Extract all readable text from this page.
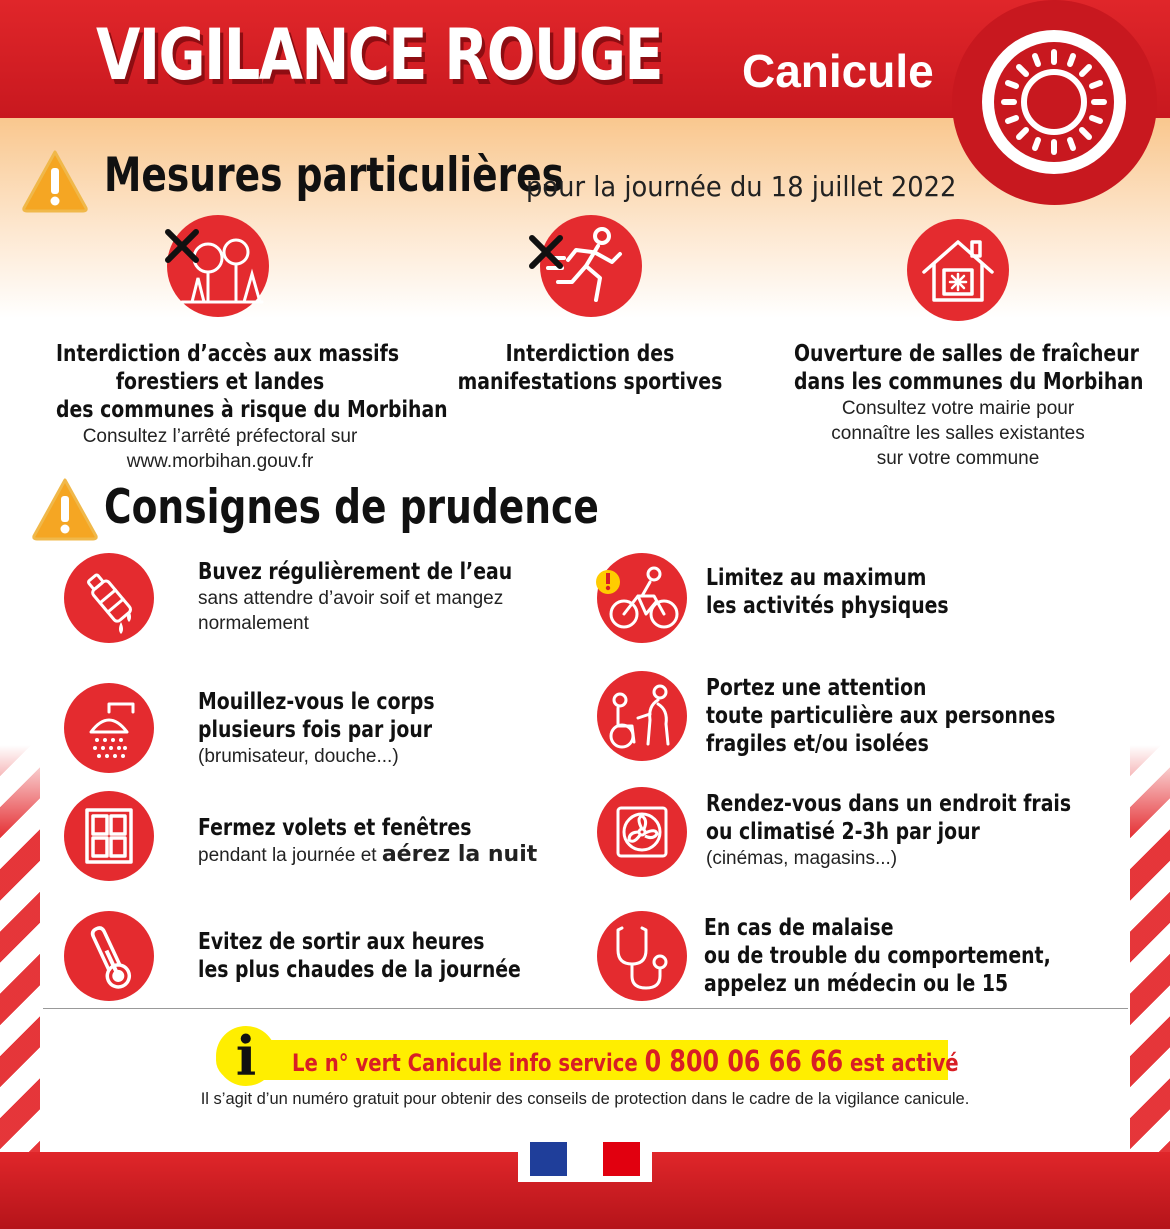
VIGILANCE ROUGE Canicule
Mesures particulières
pour la journée du 18 juillet 2022
Interdiction d’accès aux massifs
forestiers et landes
des communes à risque du Morbihan
Consultez l’arrêté préfectoral sur
www.morbihan.gouv.fr
Interdiction des
manifestations sportives
Ouverture de salles de fraîcheur
dans les communes du Morbihan
Consultez votre mairie pour
connaître les salles existantes
sur votre commune
Consignes de prudence
Buvez régulièrement de l’eau
sans attendre d’avoir soif et mangez
normalement
Mouillez-vous le corps
plusieurs fois par jour
(brumisateur, douche...)
Fermez volets et fenêtres
pendant la journée et aérez la nuit
Evitez de sortir aux heures
les plus chaudes de la journée
Limitez au maximum
les activités physiques
Portez une attention
toute particulière aux personnes
fragiles et/ou isolées
Rendez-vous dans un endroit frais
ou climatisé 2-3h par jour
(cinémas, magasins...)
En cas de malaise
ou de trouble du comportement,
appelez un médecin ou le 15
i Le n° vert Canicule info service 0 800 06 66 66 est activé
Il s’agit d’un numéro gratuit pour obtenir des conseils de protection dans le cadre de la vigilance canicule.
